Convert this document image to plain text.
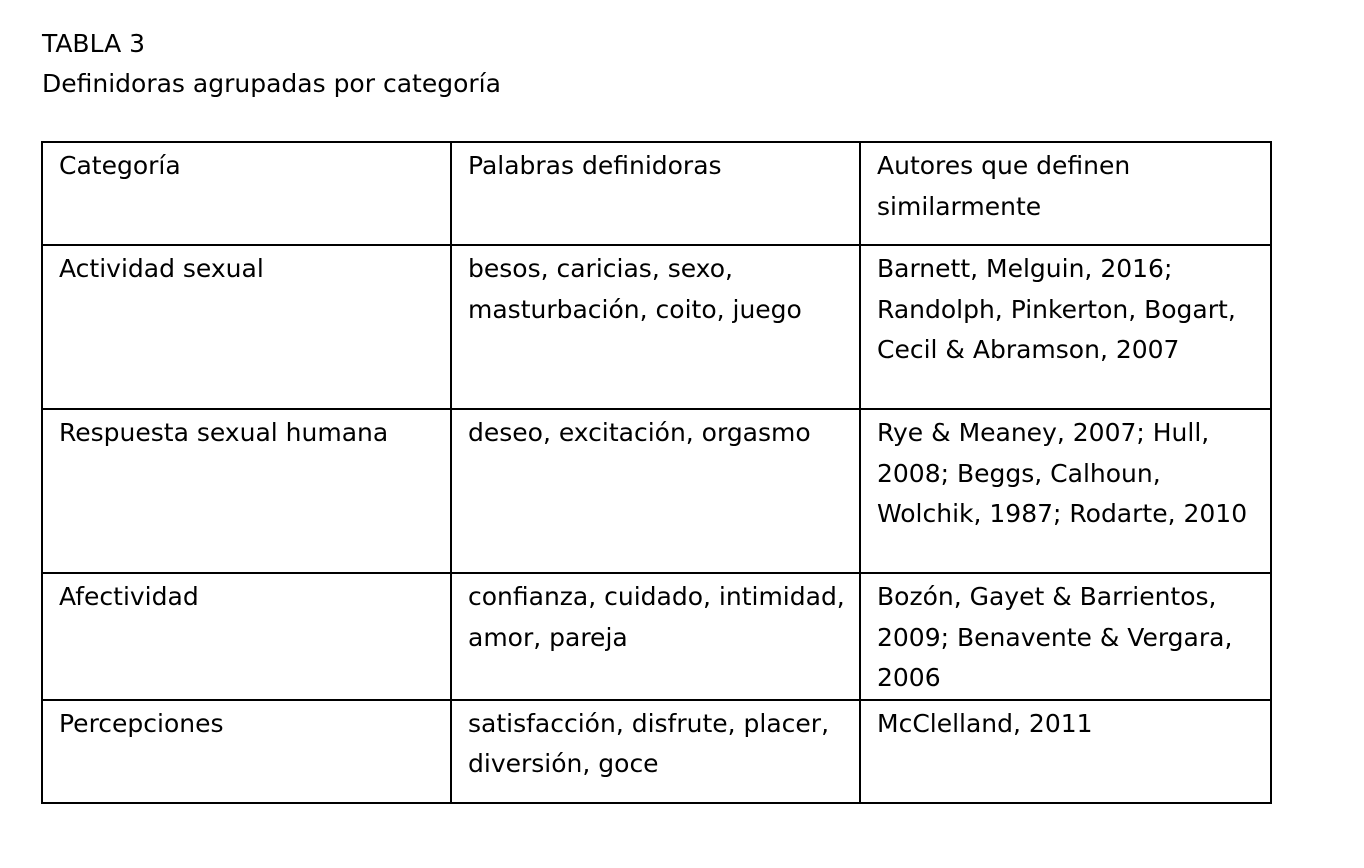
TABLA 3
Definidoras agrupadas por categoría
Categoría	Palabras definidoras	Autores que definen similarmente
Actividad sexual	besos, caricias, sexo, masturbación, coito, juego	Barnett, Melguin, 2016; Randolph, Pinkerton, Bogart, Cecil & Abramson, 2007
Respuesta sexual humana	deseo, excitación, orgasmo	Rye & Meaney, 2007; Hull, 2008; Beggs, Calhoun, Wolchik, 1987; Rodarte, 2010
Afectividad	confianza, cuidado, intimidad, amor, pareja	Bozón, Gayet & Barrientos, 2009; Benavente & Vergara, 2006
Percepciones	satisfacción, disfrute, placer, diversión, goce	McClelland, 2011
